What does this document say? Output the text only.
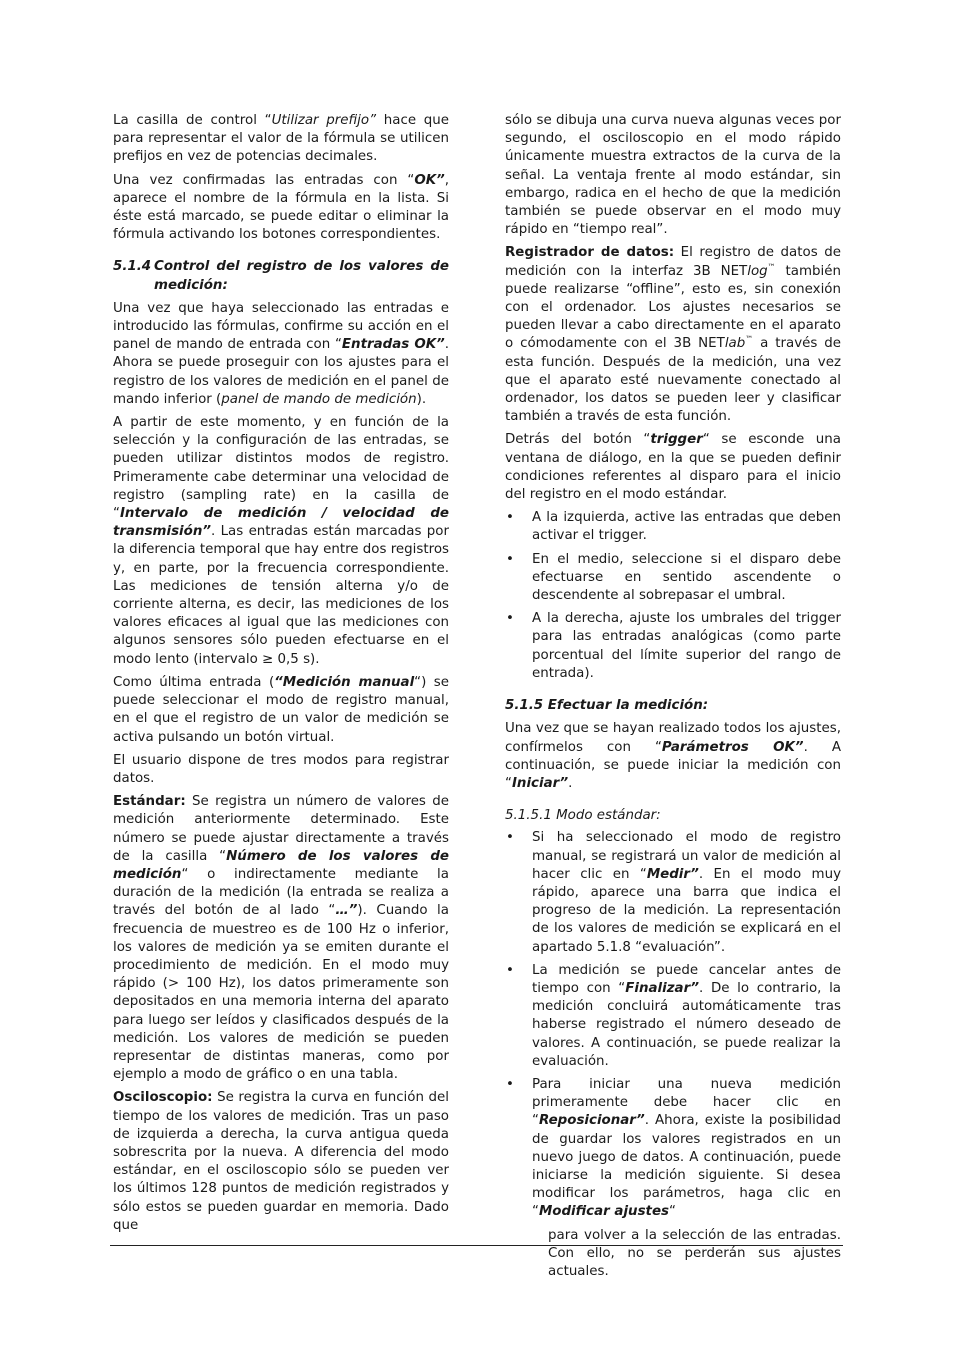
La casilla de control “Utilizar prefijo” hace que para representar el valor de la fórmula se utilicen prefijos en vez de potencias decimales.

Una vez confirmadas las entradas con “OK”, aparece el nombre de la fórmula en la lista. Si éste está marcado, se puede editar o eliminar la fórmula activando los botones correspondientes.

5.1.4 Control del registro de los valores de medición:

Una vez que haya seleccionado las entradas e introducido las fórmulas, confirme su acción en el panel de mando de entrada con “Entradas OK”. Ahora se puede proseguir con los ajustes para el registro de los valores de medición en el panel de mando inferior (panel de mando de medición).

A partir de este momento, y en función de la selección y la configuración de las entradas, se pueden utilizar distintos modos de registro. Primeramente cabe determinar una velocidad de registro (sampling rate) en la casilla de “Intervalo de medición / velocidad de transmisión”. Las entradas están marcadas por la diferencia temporal que hay entre dos registros y, en parte, por la frecuencia correspondiente. Las mediciones de tensión alterna y/o de corriente alterna, es decir, las mediciones de los valores eficaces al igual que las mediciones con algunos sensores sólo pueden efectuarse en el modo lento (intervalo ≥ 0,5 s).

Como última entrada (“Medición manual“) se puede seleccionar el modo de registro manual, en el que el registro de un valor de medición se activa pulsando un botón virtual.

El usuario dispone de tres modos para registrar datos.

Estándar: Se registra un número de valores de medición anteriormente determinado. Este número se puede ajustar directamente a través de la casilla “Número de los valores de medición“ o indirectamente mediante la duración de la medición (la entrada se realiza a través del botón de al lado “…”). Cuando la frecuencia de muestreo es de 100 Hz o inferior, los valores de medición ya se emiten durante el procedimiento de medición. En el modo muy rápido (> 100 Hz), los datos primeramente son depositados en una memoria interna del aparato para luego ser leídos y clasificados después de la medición. Los valores de medición se pueden representar de distintas maneras, como por ejemplo a modo de gráfico o en una tabla.

Osciloscopio: Se registra la curva en función del tiempo de los valores de medición. Tras un paso de izquierda a derecha, la curva antigua queda sobrescrita por la nueva. A diferencia del modo estándar, en el osciloscopio sólo se pueden ver los últimos 128 puntos de medición registrados y sólo estos se pueden guardar en memoria. Dado que

sólo se dibuja una curva nueva algunas veces por segundo, el osciloscopio en el modo rápido únicamente muestra extractos de la curva de la señal. La ventaja frente al modo estándar, sin embargo, radica en el hecho de que la medición también se puede observar en el modo muy rápido en “tiempo real”.

Registrador de datos: El registro de datos de medición con la interfaz 3B NETlog™ también puede realizarse “offline”, esto es, sin conexión con el ordenador. Los ajustes necesarios se pueden llevar a cabo directamente en el aparato o cómodamente con el 3B NETlab™ a través de esta función. Después de la medición, una vez que el aparato esté nuevamente conectado al ordenador, los datos se pueden leer y clasificar también a través de esta función.

Detrás del botón “trigger“ se esconde una ventana de diálogo, en la que se pueden definir condiciones referentes al disparo para el inicio del registro en el modo estándar.

• A la izquierda, active las entradas que deben activar el trigger.
• En el medio, seleccione si el disparo debe efectuarse en sentido ascendente o descendente al sobrepasar el umbral.
• A la derecha, ajuste los umbrales del trigger para las entradas analógicas (como parte porcentual del límite superior del rango de entrada).
5.1.5 Efectuar la medición:

Una vez que se hayan realizado todos los ajustes, confírmelos con “Parámetros OK”. A continuación, se puede iniciar la medición con “Iniciar”.

5.1.5.1 Modo estándar:
• Si ha seleccionado el modo de registro manual, se registrará un valor de medición al hacer clic en “Medir”. En el modo muy rápido, aparece una barra que indica el progreso de la medición. La representación de los valores de medición se explicará en el apartado 5.1.8 “evaluación”.
• La medición se puede cancelar antes de tiempo con “Finalizar”. De lo contrario, la medición concluirá automáticamente tras haberse registrado el número deseado de valores. A continuación, se puede realizar la evaluación.
• Para iniciar una nueva medición primeramente debe hacer clic en “Reposicionar”. Ahora, existe la posibilidad de guardar los valores registrados en un nuevo juego de datos. A continuación, puede iniciarse la medición siguiente. Si desea modificar los parámetros, haga clic en “Modificar ajustes“

para volver a la selección de las entradas. Con ello, no se perderán sus ajustes actuales.
